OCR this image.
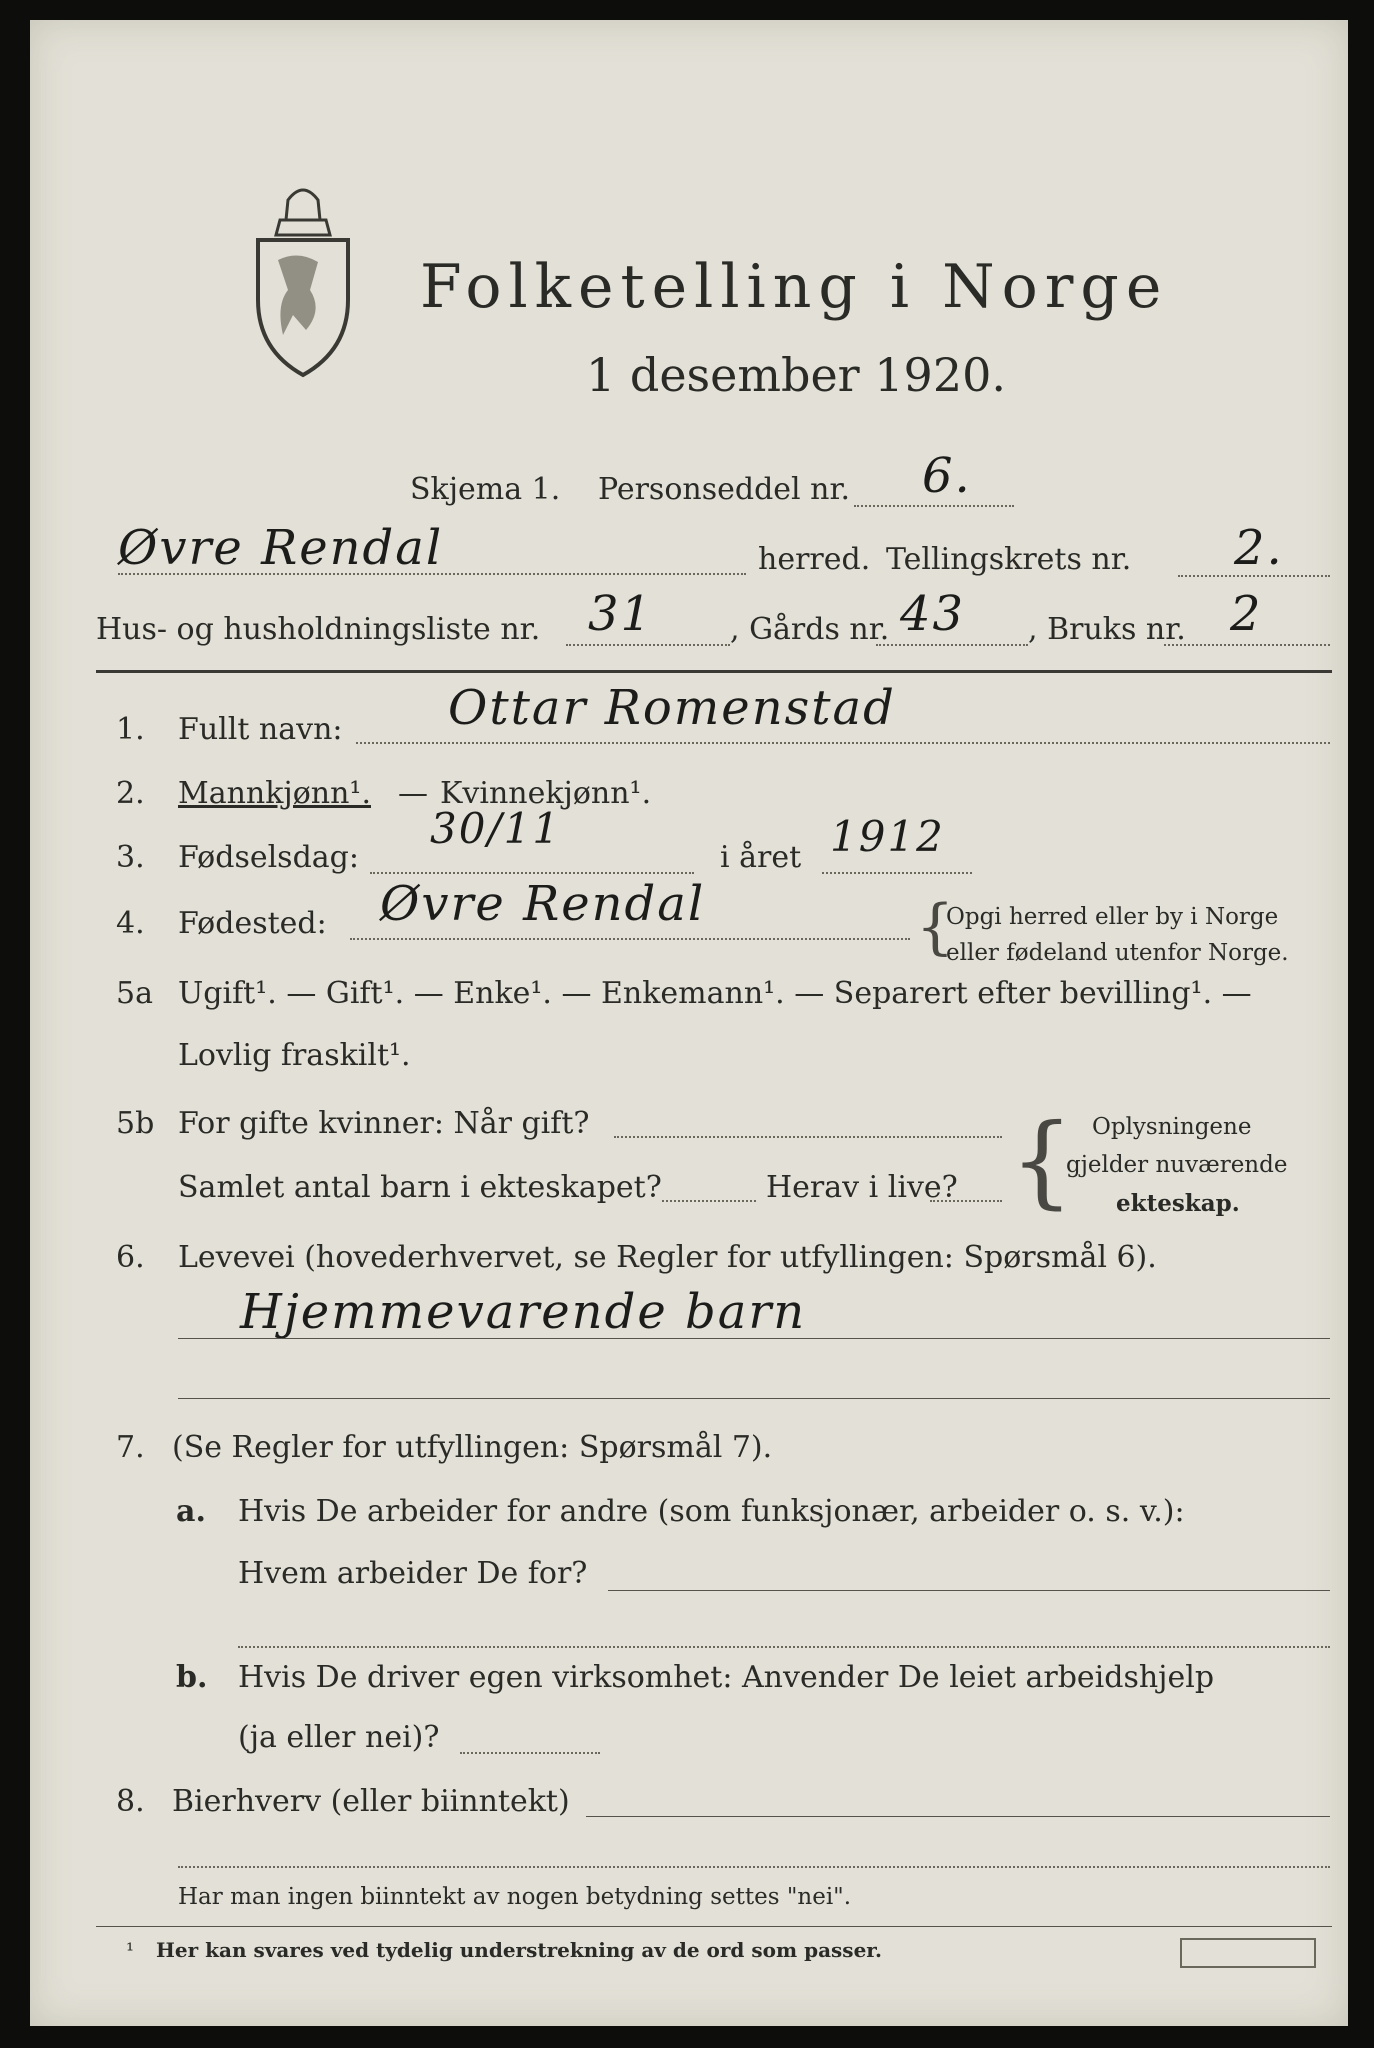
Folketelling i Norge
1 desember 1920.
Skjema 1. Personseddel nr. 6.
Øvre Rendal	herred. Tellingskrets nr. 2.
Hus- og husholdningsliste nr. 31	, Gårds nr. 43 , Bruks nr. 2
1. Fullt navn: Ottar Romenstad
2. Mannkjønn¹. — Kvinnekjønn¹.
3. Fødselsdag:
30/11
i året 1912
4. Fødested: Øvre Rendal	{
Opgi herred eller by i Norge
eller fødeland utenfor Norge.
5a Ugift¹. — Gift¹. — Enke¹. — Enkemann¹. — Separert efter bevilling¹. —
Lovlig fraskilt¹.
5b For gifte kvinner: Når gift?
Samlet antal barn i ekteskapet?	Herav i live? { Oplysningene
gjelder nuværende
ekteskap.
6. Levevei (hovederhvervet, se Regler for utfyllingen: Spørsmål 6).
Hjemmevarende barn
7. (Se Regler for utfyllingen: Spørsmål 7).
a. Hvis De arbeider for andre (som funksjonær, arbeider o. s. v.):
Hvem arbeider De for?
b. Hvis De driver egen virksomhet: Anvender De leiet arbeidshjelp
(ja eller nei)?
8. Bierhverv (eller biinntekt)
Har man ingen biinntekt av nogen betydning settes "nei".
¹ Her kan svares ved tydelig understrekning av de ord som passer.
